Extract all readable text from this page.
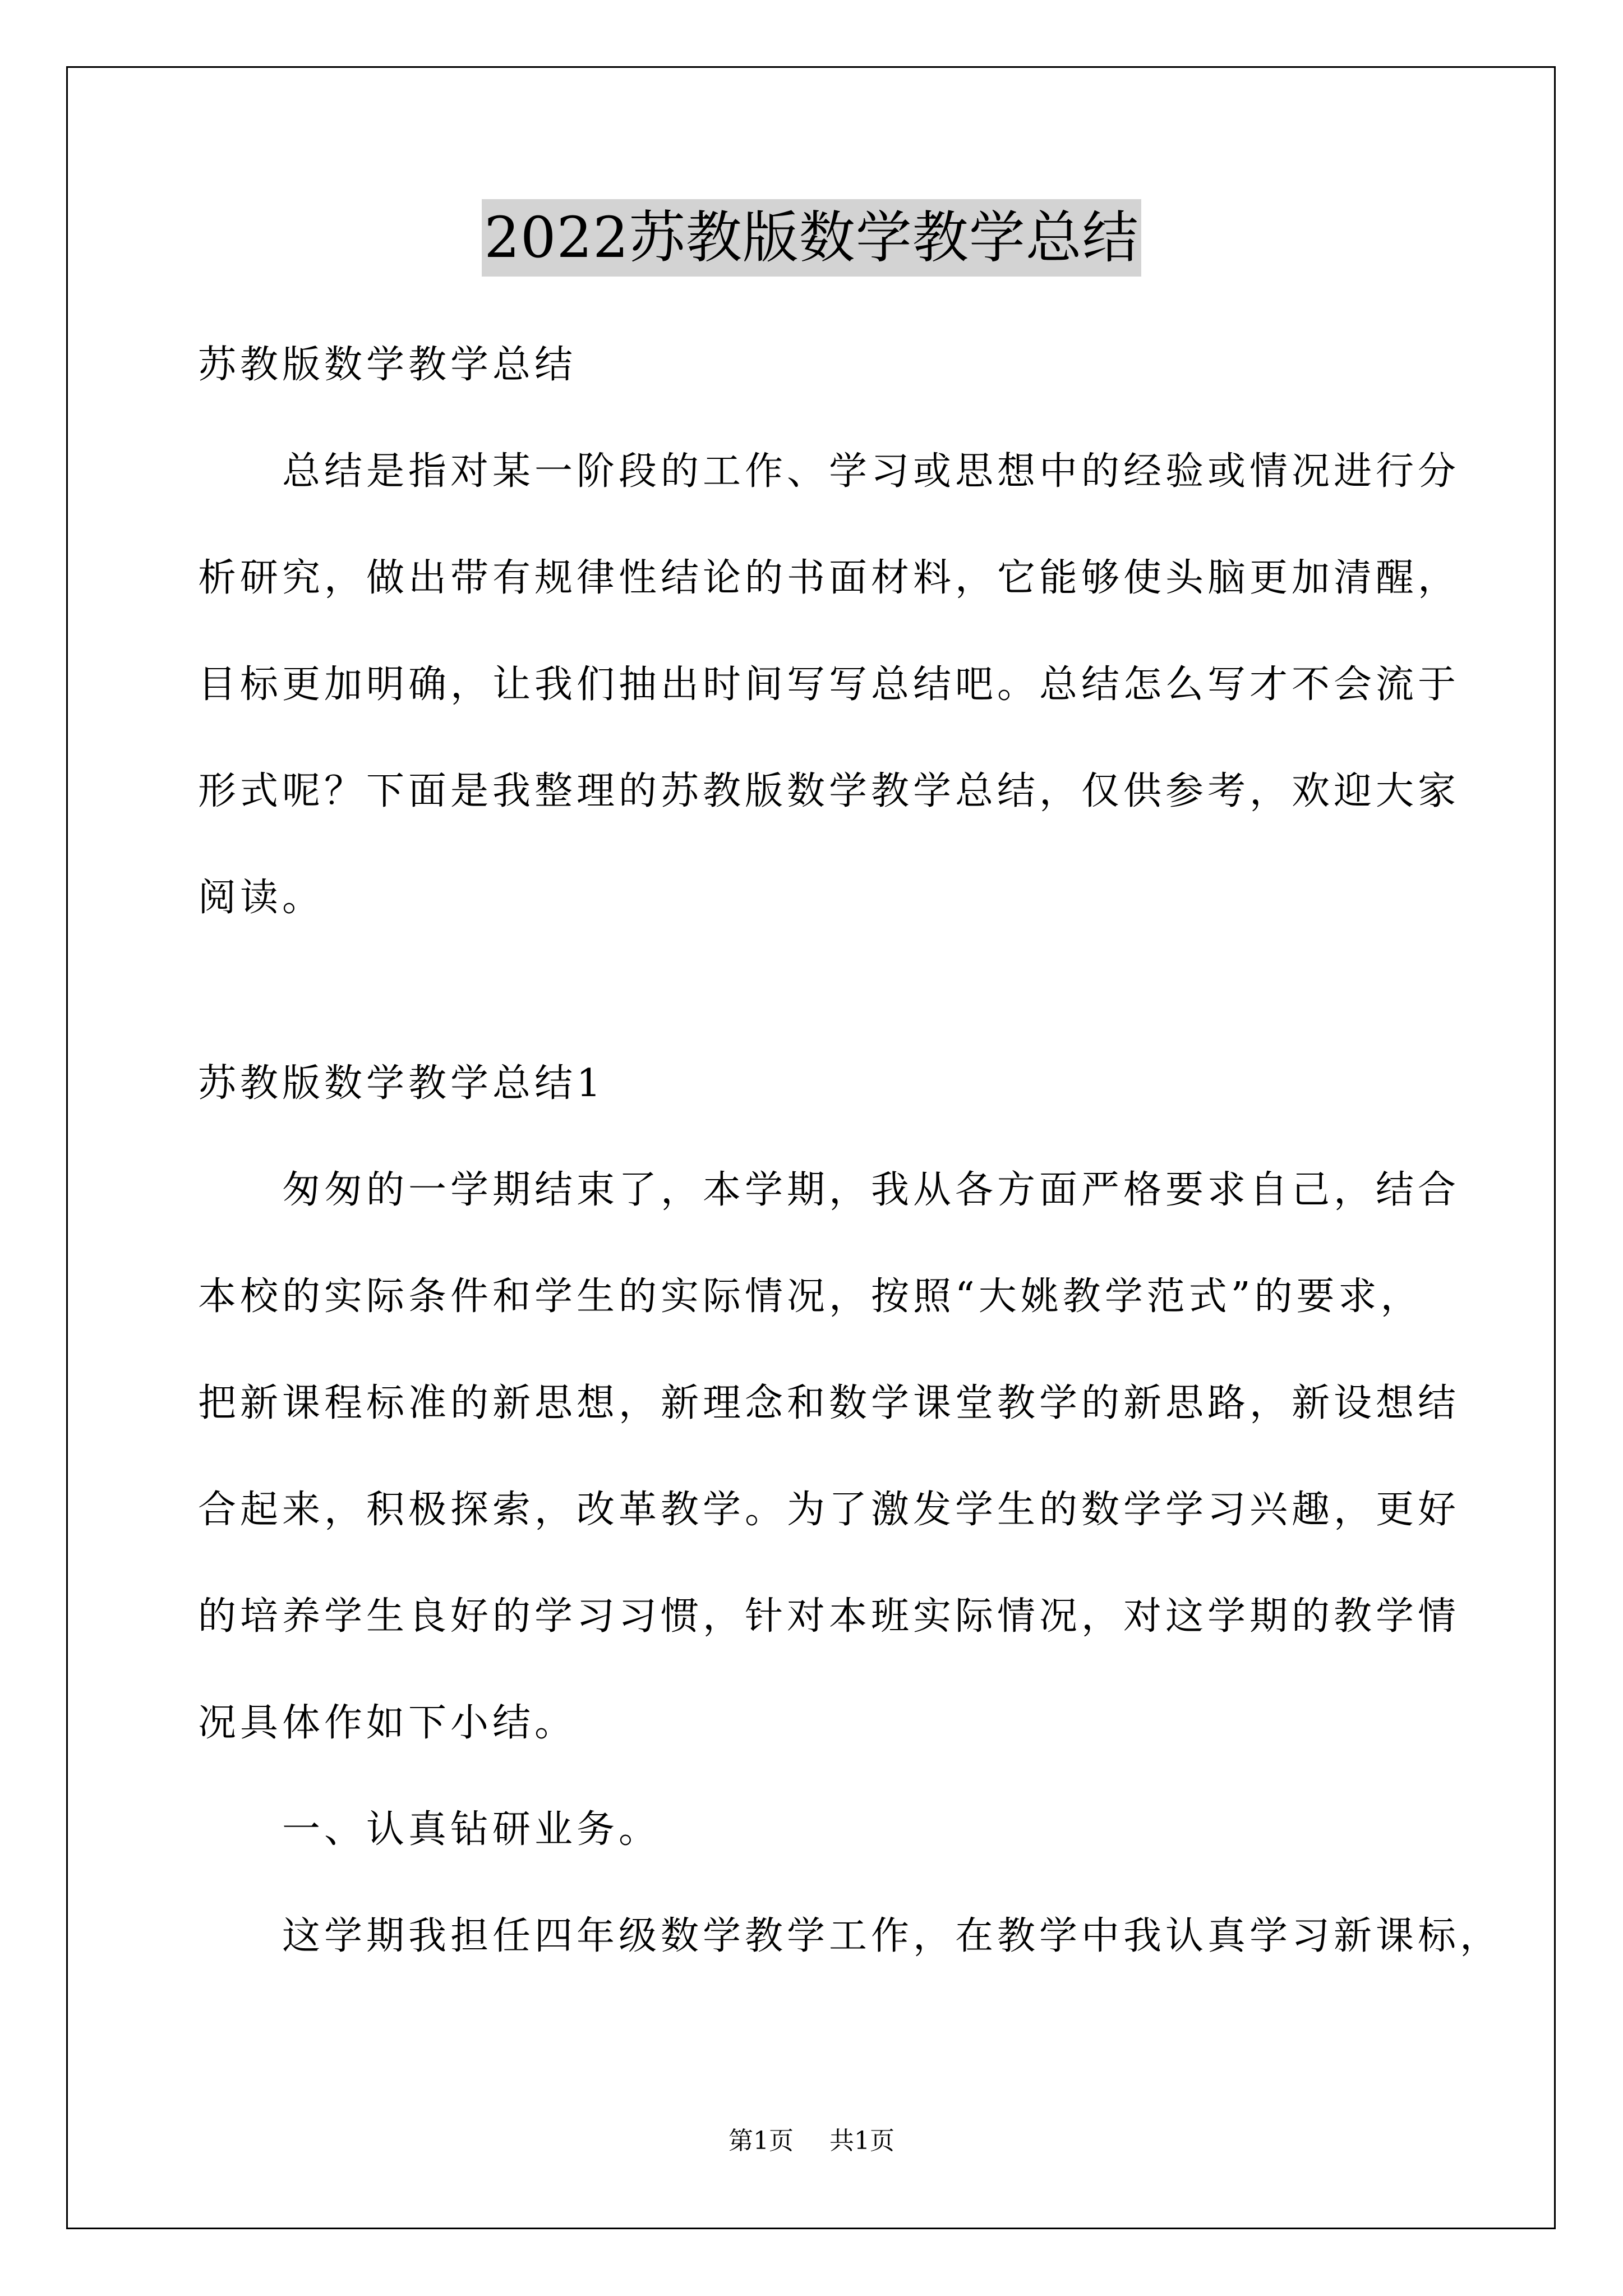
2022苏教版数学教学总结
苏教版数学教学总结
　　总结是指对某一阶段的工作、学习或思想中的经验或情况进行分
析研究，做出带有规律性结论的书面材料，它能够使头脑更加清醒，
目标更加明确，让我们抽出时间写写总结吧。总结怎么写才不会流于
形式呢？下面是我整理的苏教版数学教学总结，仅供参考，欢迎大家
阅读。
苏教版数学教学总结1
　　匆匆的一学期结束了，本学期，我从各方面严格要求自己，结合
本校的实际条件和学生的实际情况，按照“大姚教学范式”的要求，
把新课程标准的新思想，新理念和数学课堂教学的新思路，新设想结
合起来，积极探索，改革教学。为了激发学生的数学学习兴趣，更好
的培养学生良好的学习习惯，针对本班实际情况，对这学期的教学情
况具体作如下小结。
　　一、认真钻研业务。
　　这学期我担任四年级数学教学工作，在教学中我认真学习新课标，
第1页 共1页
